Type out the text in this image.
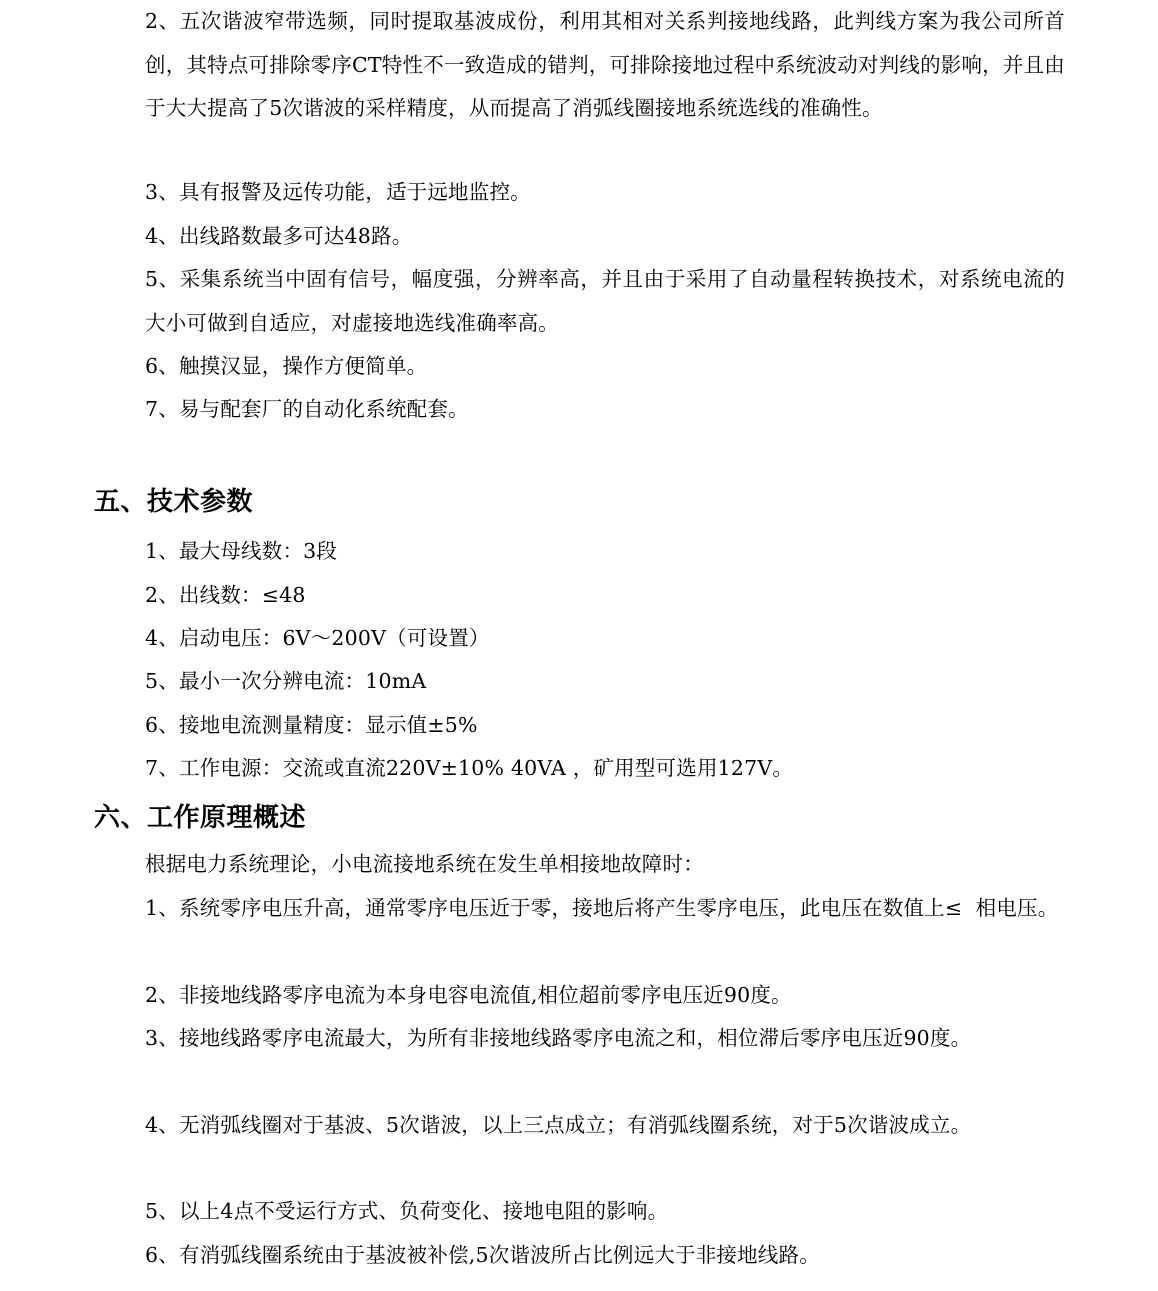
2、五次谐波窄带选频，同时提取基波成份，利用其相对关系判接地线路，此判线方案为我公司所首创，其特点可排除零序CT特性不一致造成的错判，可排除接地过程中系统波动对判线的影响，并且由于大大提高了5次谐波的采样精度，从而提高了消弧线圈接地系统选线的准确性。
3、具有报警及远传功能，适于远地监控。
4、出线路数最多可达48路。
5、采集系统当中固有信号，幅度强，分辨率高，并且由于采用了自动量程转换技术，对系统电流的大小可做到自适应，对虚接地选线准确率高。
6、触摸汉显，操作方便简单。
7、易与配套厂的自动化系统配套。
五、技术参数
1、最大母线数：3段
2、出线数：≤48
4、启动电压：6V～200V（可设置）
5、最小一次分辨电流：10mA
6、接地电流测量精度：显示值±5%
7、工作电源：交流或直流220V±10% 40VA ，矿用型可选用127V。
六、工作原理概述
根据电力系统理论，小电流接地系统在发生单相接地故障时：
1、系统零序电压升高，通常零序电压近于零，接地后将产生零序电压，此电压在数值上≤  相电压。
2、非接地线路零序电流为本身电容电流值,相位超前零序电压近90度。
3、接地线路零序电流最大，为所有非接地线路零序电流之和，相位滞后零序电压近90度。
4、无消弧线圈对于基波、5次谐波，以上三点成立；有消弧线圈系统，对于5次谐波成立。
5、以上4点不受运行方式、负荷变化、接地电阻的影响。
6、有消弧线圈系统由于基波被补偿,5次谐波所占比例远大于非接地线路。
